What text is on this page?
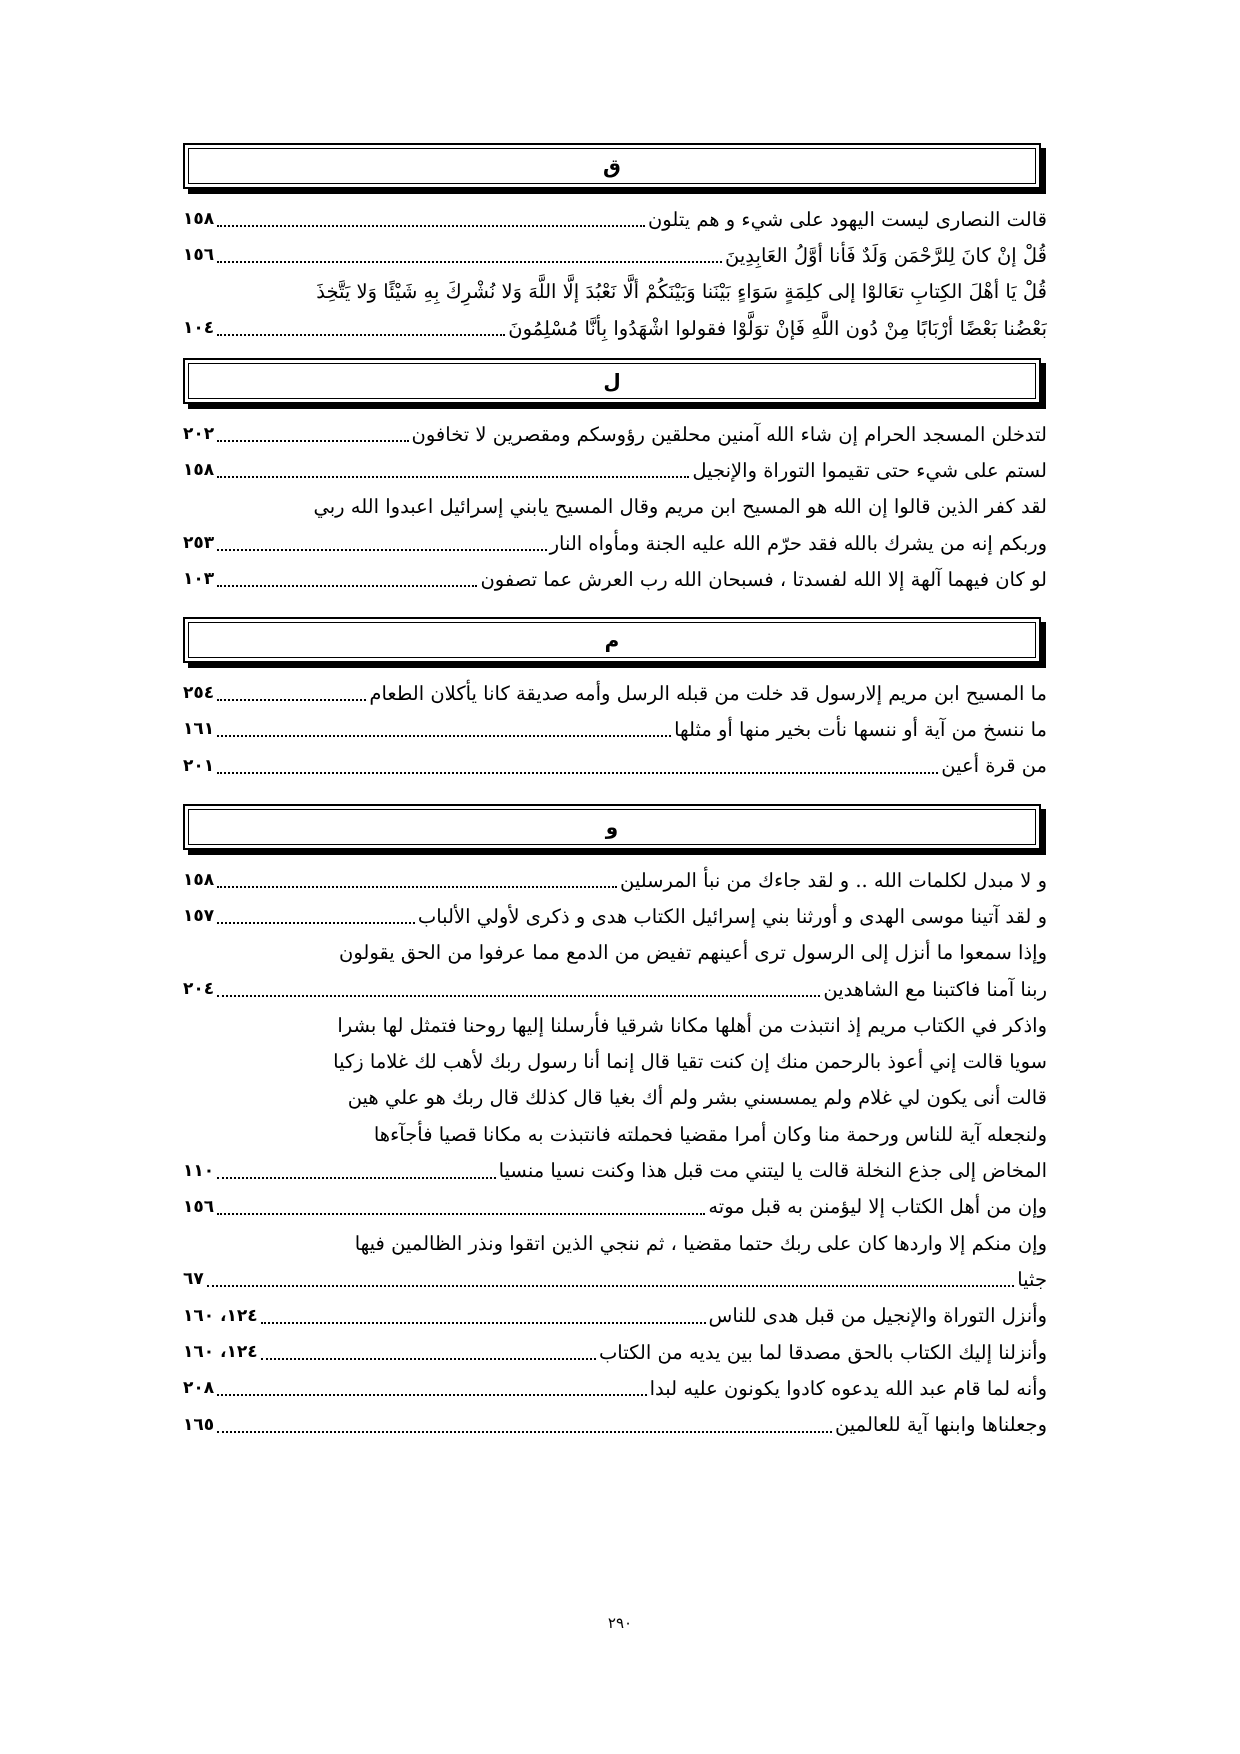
ق
قالت النصارى ليست اليهود على شيء و هم يتلون
١٥٨
قُلْ إنْ كانَ لِلرَّحْمَن وَلَدٌ فَأنا أوَّلُ العَابِدِينَ
١٥٦
قُلْ يَا أهْلَ الكِتابِ تعَالوْا إلى كلِمَةٍ سَوَاءٍ بَيْنَنا وَبَيْنَكُمْ ألَّا نَعْبُدَ إلَّا اللَّهَ وَلا نُشْرِكَ بِهِ شَيْئًا وَلا يَتَّخِذَ
بَعْضُنا بَعْضًا أرْبَابًا مِنْ دُون اللَّهِ فَإنْ توَلَّوْا فقولوا اشْهَدُوا بِأنَّا مُسْلِمُونَ
١٠٤
ل
لتدخلن المسجد الحرام إن شاء الله آمنين محلقين رؤوسكم ومقصرين لا تخافون
٢٠٢
لستم على شيء حتى تقيموا التوراة والإنجيل
١٥٨
لقد كفر الذين قالوا إن الله هو المسيح ابن مريم وقال المسيح يابني إسرائيل اعبدوا الله ربي
وربكم إنه من يشرك بالله فقد حرّم الله عليه الجنة ومأواه النار
٢٥٣
لو كان فيهما آلهة إلا الله لفسدتا ، فسبحان الله رب العرش عما تصفون
١٠٣
م
ما المسيح ابن مريم إلارسول قد خلت من قبله الرسل وأمه صديقة كانا يأكلان الطعام
٢٥٤
ما ننسخ من آية أو ننسها نأت بخير منها أو مثلها
١٦١
من قرة أعين
٢٠١
و
و لا مبدل لكلمات الله .. و لقد جاءك من نبأ المرسلين
١٥٨
و لقد آتينا موسى الهدى و أورثنا بني إسرائيل الكتاب هدى و ذكرى لأولي الألباب
١٥٧
وإذا سمعوا ما أنزل إلى الرسول ترى أعينهم تفيض من الدمع مما عرفوا من الحق يقولون
ربنا آمنا فاكتبنا مع الشاهدين
٢٠٤
واذكر في الكتاب مريم إذ انتبذت من أهلها مكانا شرقيا فأرسلنا إليها روحنا فتمثل لها بشرا
سويا قالت إني أعوذ بالرحمن منك إن كنت تقيا قال إنما أنا رسول ربك لأهب لك غلاما زكيا
قالت أنى يكون لي غلام ولم يمسسني بشر ولم أك بغيا قال كذلك قال ربك هو علي هين
ولنجعله آية للناس ورحمة منا وكان أمرا مقضيا فحملته فانتبذت به مكانا قصيا فأجآءها
المخاض إلى جذع النخلة قالت يا ليتني مت قبل هذا وكنت نسيا منسيا
١١٠
وإن من أهل الكتاب إلا ليؤمنن به قبل موته
١٥٦
وإن منكم إلا واردها كان على ربك حتما مقضيا ، ثم ننجي الذين اتقوا ونذر الظالمين فيها
جثيا
٦٧
وأنزل التوراة والإنجيل من قبل هدى للناس
١٢٤، ١٦٠
وأنزلنا إليك الكتاب بالحق مصدقا لما بين يديه من الكتاب
١٢٤، ١٦٠
وأنه لما قام عبد الله يدعوه كادوا يكونون عليه لبدا
٢٠٨
وجعلناها وابنها آية للعالمين
١٦٥
٢٩٠
